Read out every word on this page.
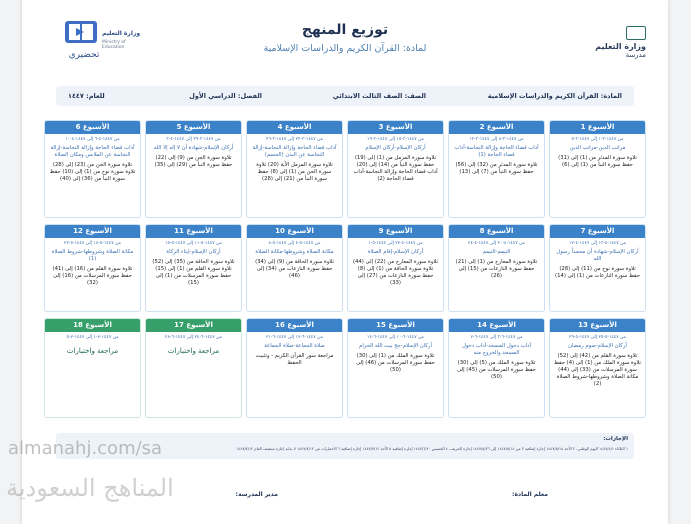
وزارة التعليم
مدرسة
توزيع المنهج
لمادة: القرآن الكريم والدراسات الإسلامية
وزارة التعليم
Ministry of Education
تحضيري
المادة: القرآن الكريم والدراسات الإسلامية
الصف: الصف الثالث الابتدائي
الفصل: الدراسي الأول
للعام: ١٤٤٧
الأسبوع 1
من ١٤٤٧-٣-١ إلى ١٤٤٧-٣-٥
مراتب الدين-مراتب الدين
تلاوة سورة المدثر من (1) إلى (31) حفظ سورة النبأ من (1) إلى (6)
الأسبوع 2
من ١٤٤٧-٣-٨ إلى ١٤٤٧-٣-١٢
آداب قضاء الحاجة وإزالة النجاسة-آداب قضاء الحاجة (1)
تلاوة سورة المدثر من (32) إلى (56) حفظ سورة النبأ من (7) إلى (13)
الأسبوع 3
من ١٤٤٧-٣-١٥ إلى ١٤٤٧-٣-١٩
أركان الإسلام-أركان الإسلام
تلاوة سورة المزمل من (1) إلى (19) حفظ سورة النبأ من (14) إلى (20) آداب قضاء الحاجة وإزالة النجاسة-آداب قضاء الحاجة (2)
الأسبوع 4
من ١٤٤٧-٣-٢٢ إلى ١٤٤٧-٣-٢٦
آداب قضاء الحاجة وإزالة النجاسة-إزالة النجاسة عن البدن (الجسم)
تلاوة سورة المزمل الآية (20) تلاوة سورة الجن من (1) إلى (8) حفظ سورة النبأ من (21) إلى (28)
الأسبوع 5
من ١٤٤٧-٣-٢٩ إلى ١٤٤٧-٤-٣
أركان الإسلام-شهادة أن لا إله إلا الله
تلاوة سورة الجن من (9) إلى (22) حفظ سورة النبأ من (29) إلى (35)
الأسبوع 6
من ١٤٤٧-٤-٦ إلى ١٤٤٧-٤-١٠
آداب قضاء الحاجة وإزالة النجاسة-إزالة النجاسة عن الملابس ومكان الصلاة
تلاوة سورة الجن من (23) إلى (28) تلاوة سورة نوح من (1) إلى (10) حفظ سورة النبأ من (36) إلى (40)
الأسبوع 7
من ١٤٤٧-٤-١٣ إلى ١٤٤٧-٤-١٧
أركان الإسلام-شهادة أن محمداً رسول الله
تلاوة سورة نوح من (11) إلى (28) حفظ سورة النازعات من (1) إلى (14)
الأسبوع 8
من ١٤٤٧-٤-٢٠ إلى ١٤٤٧-٤-٢٤
التيمم-التيمم
تلاوة سورة المعارج من (1) إلى (21) حفظ سورة النازعات من (15) إلى (26)
الأسبوع 9
من ١٤٤٧-٤-٢٧ إلى ١٤٤٧-٥-١
أركان الإسلام-إقام الصلاة
تلاوة سورة المعارج من (22) إلى (44) تلاوة سورة الحاقة من (1) إلى (8) حفظ سورة النازعات من (27) إلى (33)
الأسبوع 10
من ١٤٤٧-٥-٤ إلى ١٤٤٧-٥-٨
مكانة الصلاة وشروطها-مكانة الصلاة
تلاوة سورة الحاقة من (9) إلى (34) حفظ سورة النازعات من (34) إلى (46)
الأسبوع 11
من ١٤٤٧-٥-١١ إلى ١٤٤٧-٥-١٥
أركان الإسلام-إيتاء الزكاة
تلاوة سورة الحاقة من (35) إلى (52) تلاوة سورة القلم من (1) إلى (15) حفظ سورة المرسلات من (1) إلى (15)
الأسبوع 12
من ١٤٤٧-٥-١٨ إلى ١٤٤٧-٥-٢٢
مكانة الصلاة وشروطها-شروط الصلاة (1)
تلاوة سورة القلم من (16) إلى (41) حفظ سورة المرسلات من (16) إلى (32)
الأسبوع 13
من ١٤٤٧-٥-٢٥ إلى ١٤٤٧-٥-٢٩
أركان الإسلام-صوم رمضان
تلاوة سورة القلم من (42) إلى (52) تلاوة سورة الملك من (1) إلى (4) حفظ سورة المرسلات من (33) إلى (44) مكانة الصلاة وشروطها-شروط الصلاة (2)
الأسبوع 14
من ١٤٤٧-٦-٣ إلى ١٤٤٧-٦-٧
آداب دخول المسجد-آداب دخول المسجد والخروج منه
تلاوة سورة الملك من (5) إلى (30) حفظ سورة المرسلات من (45) إلى (50)
الأسبوع 15
من ١٤٤٧-٦-١٠ إلى ١٤٤٧-٦-١٤
أركان الإسلام-حج بيت الله الحرام
تلاوة سورة الملك من (1) إلى (30) حفظ سورة المرسلات من (46) إلى (50)
الأسبوع 16
من ١٤٤٧-٦-١٧ إلى ١٤٤٧-٦-٢١
صلاة الجماعة-صلاة الجماعة
مراجعة سور القرآن الكريم - وتثبيت الحفظ
الأسبوع 17
من ١٤٤٧-٦-٢٤ إلى ١٤٤٧-٦-٢٨
مراجعة واختبارات
الأسبوع 18
من ١٤٤٧-٧-١ إلى ١٤٤٧-٧-٥
مراجعة واختبارات
الإجازات:
١ الثلاثاء ١٤٤٧/٤/١ اليوم الوطني، ٢ الأحد ١٤٤٧/٥/١٨ إجازة إضافية ٣ من ١٤٤٧/٥/١٤ إلى ١٤٤٧/٥/٢٦ إجازة الخريف، ٤ الخميس ١٤٤٧/٦/٢٠ إجازة إضافية ٥ الأحد ١٤٤٧/٧/١٢ إجازة إضافية ٦ الاختبارات من ١٤٤٧/٧/١٢ ٧ بداية إجازة منتصف العام ١٤٤٧/٧/١٢
معلم المادة:
مدير المدرسة:
almanahj.com/sa
المناهج السعودية
